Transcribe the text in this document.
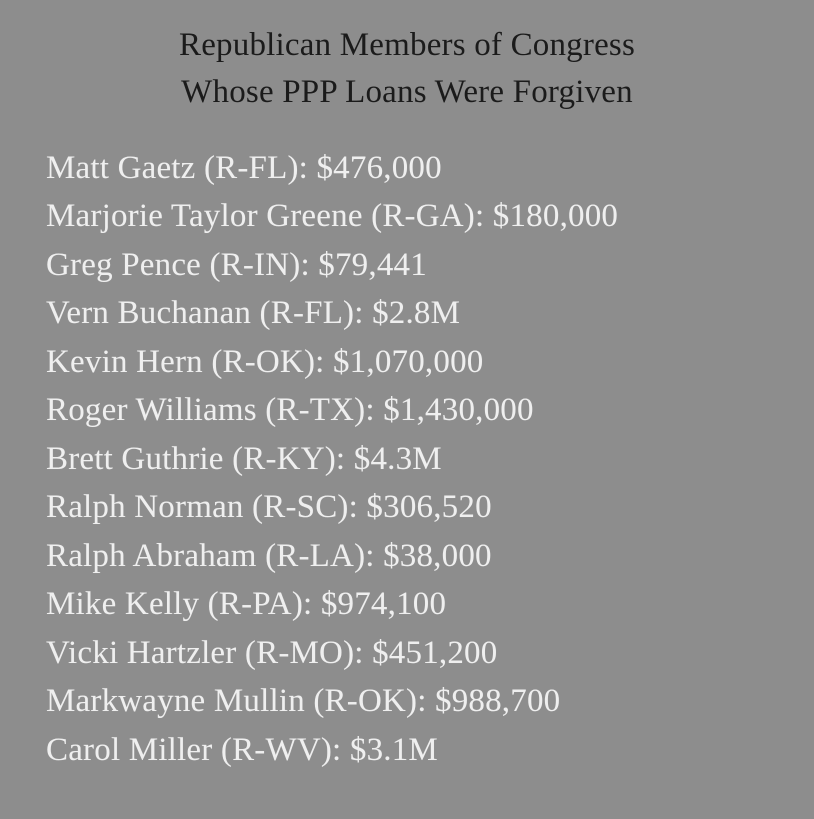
Republican Members of Congress
Whose PPP Loans Were Forgiven
Matt Gaetz (R-FL): $476,000
Marjorie Taylor Greene (R-GA): $180,000
Greg Pence (R-IN): $79,441
Vern Buchanan (R-FL): $2.8M
Kevin Hern (R-OK): $1,070,000
Roger Williams (R-TX): $1,430,000
Brett Guthrie (R-KY): $4.3M
Ralph Norman (R-SC): $306,520
Ralph Abraham (R-LA): $38,000
Mike Kelly (R-PA): $974,100
Vicki Hartzler (R-MO): $451,200
Markwayne Mullin (R-OK): $988,700
Carol Miller (R-WV): $3.1M
